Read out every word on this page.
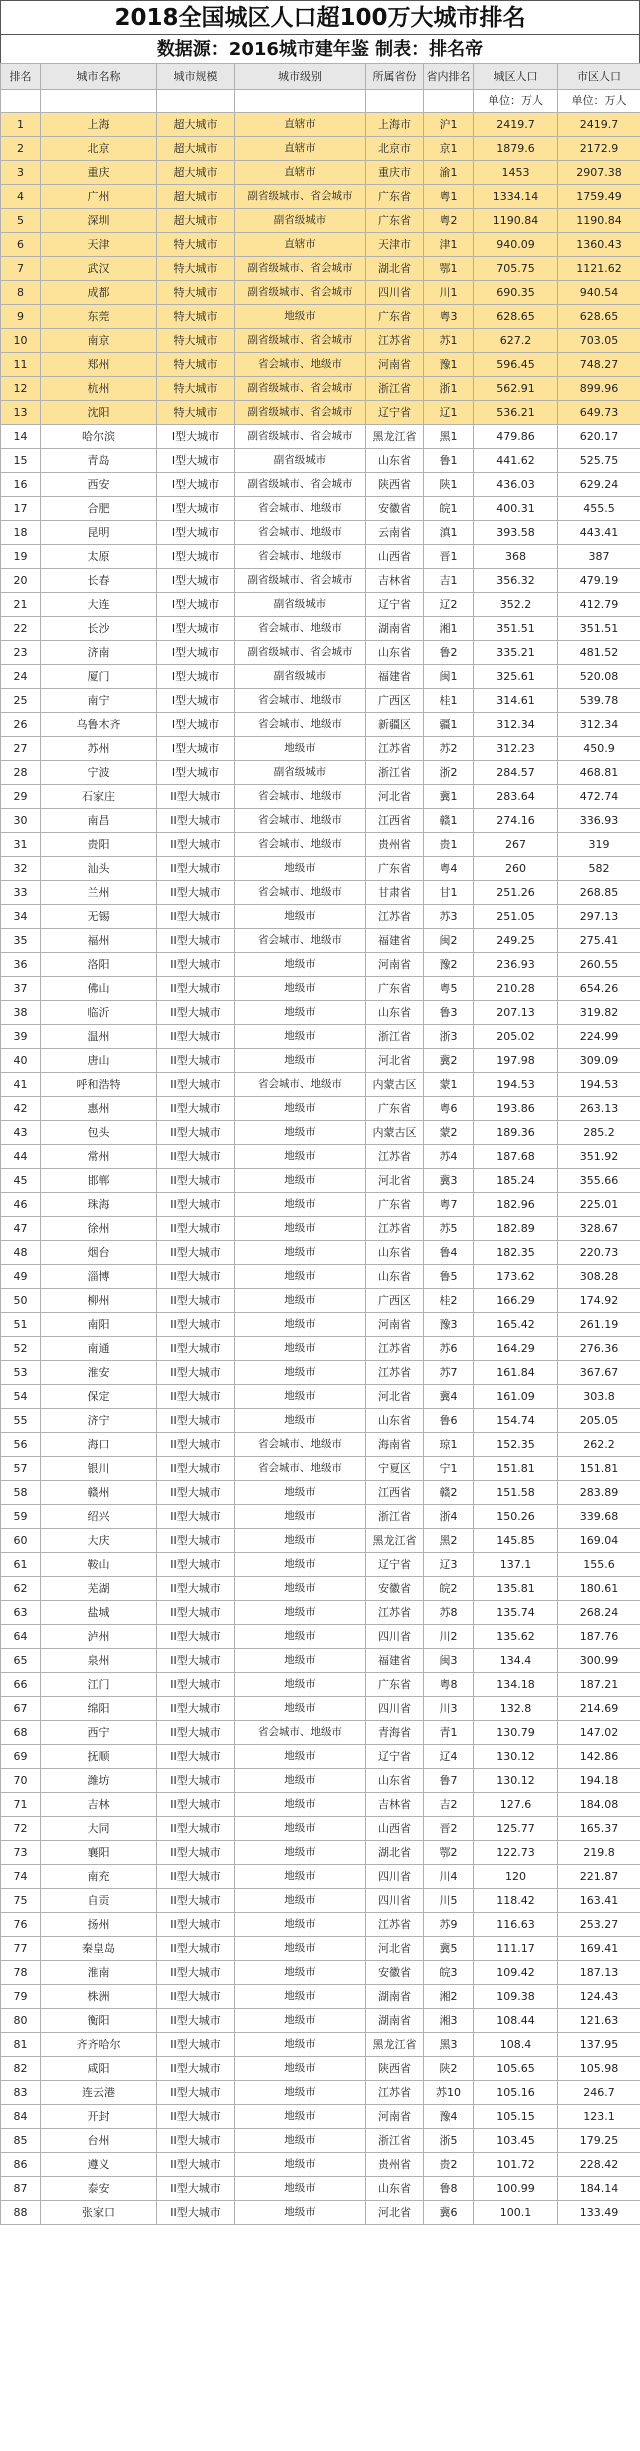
2018全国城区人口超100万大城市排名
数据源：2016城市建年鉴 制表：排名帝
排名	城市名称	城市规模	城市级别	所属省份	省内排名	城区人口	市区人口
						单位：万人	单位：万人
1	上海	超大城市	直辖市	上海市	沪1	2419.7	2419.7
2	北京	超大城市	直辖市	北京市	京1	1879.6	2172.9
3	重庆	超大城市	直辖市	重庆市	渝1	1453	2907.38
4	广州	超大城市	副省级城市、省会城市	广东省	粤1	1334.14	1759.49
5	深圳	超大城市	副省级城市	广东省	粤2	1190.84	1190.84
6	天津	特大城市	直辖市	天津市	津1	940.09	1360.43
7	武汉	特大城市	副省级城市、省会城市	湖北省	鄂1	705.75	1121.62
8	成都	特大城市	副省级城市、省会城市	四川省	川1	690.35	940.54
9	东莞	特大城市	地级市	广东省	粤3	628.65	628.65
10	南京	特大城市	副省级城市、省会城市	江苏省	苏1	627.2	703.05
11	郑州	特大城市	省会城市、地级市	河南省	豫1	596.45	748.27
12	杭州	特大城市	副省级城市、省会城市	浙江省	浙1	562.91	899.96
13	沈阳	特大城市	副省级城市、省会城市	辽宁省	辽1	536.21	649.73
14	哈尔滨	I型大城市	副省级城市、省会城市	黑龙江省	黑1	479.86	620.17
15	青岛	I型大城市	副省级城市	山东省	鲁1	441.62	525.75
16	西安	I型大城市	副省级城市、省会城市	陕西省	陕1	436.03	629.24
17	合肥	I型大城市	省会城市、地级市	安徽省	皖1	400.31	455.5
18	昆明	I型大城市	省会城市、地级市	云南省	滇1	393.58	443.41
19	太原	I型大城市	省会城市、地级市	山西省	晋1	368	387
20	长春	I型大城市	副省级城市、省会城市	吉林省	吉1	356.32	479.19
21	大连	I型大城市	副省级城市	辽宁省	辽2	352.2	412.79
22	长沙	I型大城市	省会城市、地级市	湖南省	湘1	351.51	351.51
23	济南	I型大城市	副省级城市、省会城市	山东省	鲁2	335.21	481.52
24	厦门	I型大城市	副省级城市	福建省	闽1	325.61	520.08
25	南宁	I型大城市	省会城市、地级市	广西区	桂1	314.61	539.78
26	乌鲁木齐	I型大城市	省会城市、地级市	新疆区	疆1	312.34	312.34
27	苏州	I型大城市	地级市	江苏省	苏2	312.23	450.9
28	宁波	I型大城市	副省级城市	浙江省	浙2	284.57	468.81
29	石家庄	II型大城市	省会城市、地级市	河北省	冀1	283.64	472.74
30	南昌	II型大城市	省会城市、地级市	江西省	赣1	274.16	336.93
31	贵阳	II型大城市	省会城市、地级市	贵州省	贵1	267	319
32	汕头	II型大城市	地级市	广东省	粤4	260	582
33	兰州	II型大城市	省会城市、地级市	甘肃省	甘1	251.26	268.85
34	无锡	II型大城市	地级市	江苏省	苏3	251.05	297.13
35	福州	II型大城市	省会城市、地级市	福建省	闽2	249.25	275.41
36	洛阳	II型大城市	地级市	河南省	豫2	236.93	260.55
37	佛山	II型大城市	地级市	广东省	粤5	210.28	654.26
38	临沂	II型大城市	地级市	山东省	鲁3	207.13	319.82
39	温州	II型大城市	地级市	浙江省	浙3	205.02	224.99
40	唐山	II型大城市	地级市	河北省	冀2	197.98	309.09
41	呼和浩特	II型大城市	省会城市、地级市	内蒙古区	蒙1	194.53	194.53
42	惠州	II型大城市	地级市	广东省	粤6	193.86	263.13
43	包头	II型大城市	地级市	内蒙古区	蒙2	189.36	285.2
44	常州	II型大城市	地级市	江苏省	苏4	187.68	351.92
45	邯郸	II型大城市	地级市	河北省	冀3	185.24	355.66
46	珠海	II型大城市	地级市	广东省	粤7	182.96	225.01
47	徐州	II型大城市	地级市	江苏省	苏5	182.89	328.67
48	烟台	II型大城市	地级市	山东省	鲁4	182.35	220.73
49	淄博	II型大城市	地级市	山东省	鲁5	173.62	308.28
50	柳州	II型大城市	地级市	广西区	桂2	166.29	174.92
51	南阳	II型大城市	地级市	河南省	豫3	165.42	261.19
52	南通	II型大城市	地级市	江苏省	苏6	164.29	276.36
53	淮安	II型大城市	地级市	江苏省	苏7	161.84	367.67
54	保定	II型大城市	地级市	河北省	冀4	161.09	303.8
55	济宁	II型大城市	地级市	山东省	鲁6	154.74	205.05
56	海口	II型大城市	省会城市、地级市	海南省	琼1	152.35	262.2
57	银川	II型大城市	省会城市、地级市	宁夏区	宁1	151.81	151.81
58	赣州	II型大城市	地级市	江西省	赣2	151.58	283.89
59	绍兴	II型大城市	地级市	浙江省	浙4	150.26	339.68
60	大庆	II型大城市	地级市	黑龙江省	黑2	145.85	169.04
61	鞍山	II型大城市	地级市	辽宁省	辽3	137.1	155.6
62	芜湖	II型大城市	地级市	安徽省	皖2	135.81	180.61
63	盐城	II型大城市	地级市	江苏省	苏8	135.74	268.24
64	泸州	II型大城市	地级市	四川省	川2	135.62	187.76
65	泉州	II型大城市	地级市	福建省	闽3	134.4	300.99
66	江门	II型大城市	地级市	广东省	粤8	134.18	187.21
67	绵阳	II型大城市	地级市	四川省	川3	132.8	214.69
68	西宁	II型大城市	省会城市、地级市	青海省	青1	130.79	147.02
69	抚顺	II型大城市	地级市	辽宁省	辽4	130.12	142.86
70	潍坊	II型大城市	地级市	山东省	鲁7	130.12	194.18
71	吉林	II型大城市	地级市	吉林省	吉2	127.6	184.08
72	大同	II型大城市	地级市	山西省	晋2	125.77	165.37
73	襄阳	II型大城市	地级市	湖北省	鄂2	122.73	219.8
74	南充	II型大城市	地级市	四川省	川4	120	221.87
75	自贡	II型大城市	地级市	四川省	川5	118.42	163.41
76	扬州	II型大城市	地级市	江苏省	苏9	116.63	253.27
77	秦皇岛	II型大城市	地级市	河北省	冀5	111.17	169.41
78	淮南	II型大城市	地级市	安徽省	皖3	109.42	187.13
79	株洲	II型大城市	地级市	湖南省	湘2	109.38	124.43
80	衡阳	II型大城市	地级市	湖南省	湘3	108.44	121.63
81	齐齐哈尔	II型大城市	地级市	黑龙江省	黑3	108.4	137.95
82	咸阳	II型大城市	地级市	陕西省	陕2	105.65	105.98
83	连云港	II型大城市	地级市	江苏省	苏10	105.16	246.7
84	开封	II型大城市	地级市	河南省	豫4	105.15	123.1
85	台州	II型大城市	地级市	浙江省	浙5	103.45	179.25
86	遵义	II型大城市	地级市	贵州省	贵2	101.72	228.42
87	泰安	II型大城市	地级市	山东省	鲁8	100.99	184.14
88	张家口	II型大城市	地级市	河北省	冀6	100.1	133.49
